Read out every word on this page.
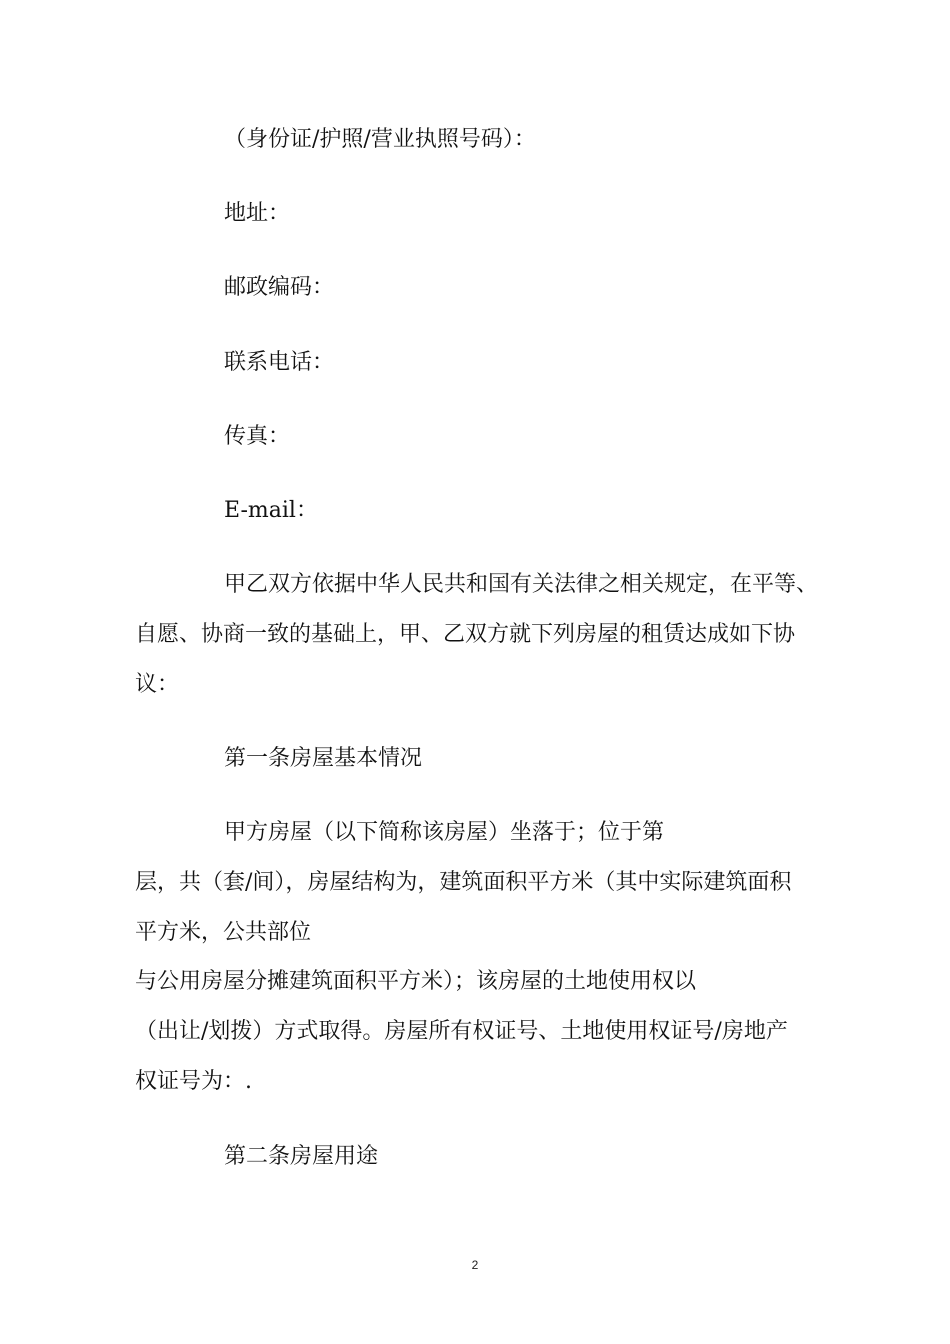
（身份证/护照/营业执照号码）：
地址：
邮政编码：
联系电话：
传真：
E-mail：
甲乙双方依据中华人民共和国有关法律之相关规定，在平等、
自愿、协商一致的基础上，甲、乙双方就下列房屋的租赁达成如下协
议：
第一条房屋基本情况
甲方房屋（以下简称该房屋）坐落于；位于第
层，共（套/间），房屋结构为，建筑面积平方米（其中实际建筑面积
平方米，公共部位
与公用房屋分摊建筑面积平方米）；该房屋的土地使用权以
（出让/划拨）方式取得。房屋所有权证号、土地使用权证号/房地产
权证号为：.
第二条房屋用途
2
